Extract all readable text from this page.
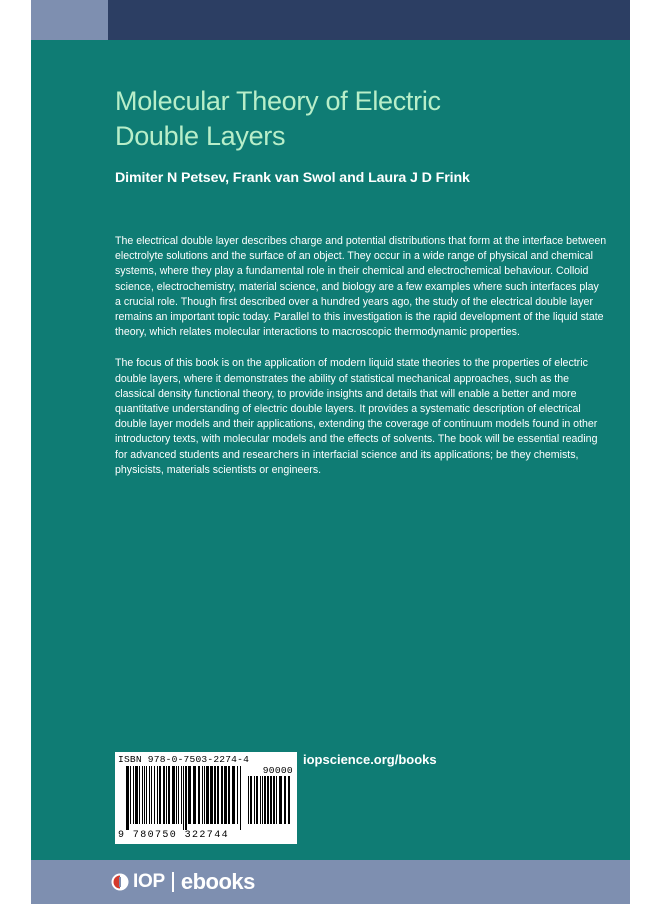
Molecular Theory of Electric
Double Layers

Dimiter N Petsev, Frank van Swol and Laura J D Frink

The electrical double layer describes charge and potential distributions that form at the interface between electrolyte solutions and the surface of an object. They occur in a wide range of physical and chemical systems, where they play a fundamental role in their chemical and electrochemical behaviour. Colloid science, electrochemistry, material science, and biology are a few examples where such interfaces play a crucial role. Though first described over a hundred years ago, the study of the electrical double layer remains an important topic today. Parallel to this investigation is the rapid development of the liquid state theory, which relates molecular interactions to macroscopic thermodynamic properties.

The focus of this book is on the application of modern liquid state theories to the properties of electric double layers, where it demonstrates the ability of statistical mechanical approaches, such as the classical density functional theory, to provide insights and details that will enable a better and more quantitative understanding of electric double layers. It provides a systematic description of electrical double layer models and their applications, extending the coverage of continuum models found in other introductory texts, with molecular models and the effects of solvents. The book will be essential reading for advanced students and researchers in interfacial science and its applications; be they chemists, physicists, materials scientists or engineers.

ISBN 978-0-7503-2274-4
90000
9 780750 322744
iopscience.org/books
IOP ebooks
